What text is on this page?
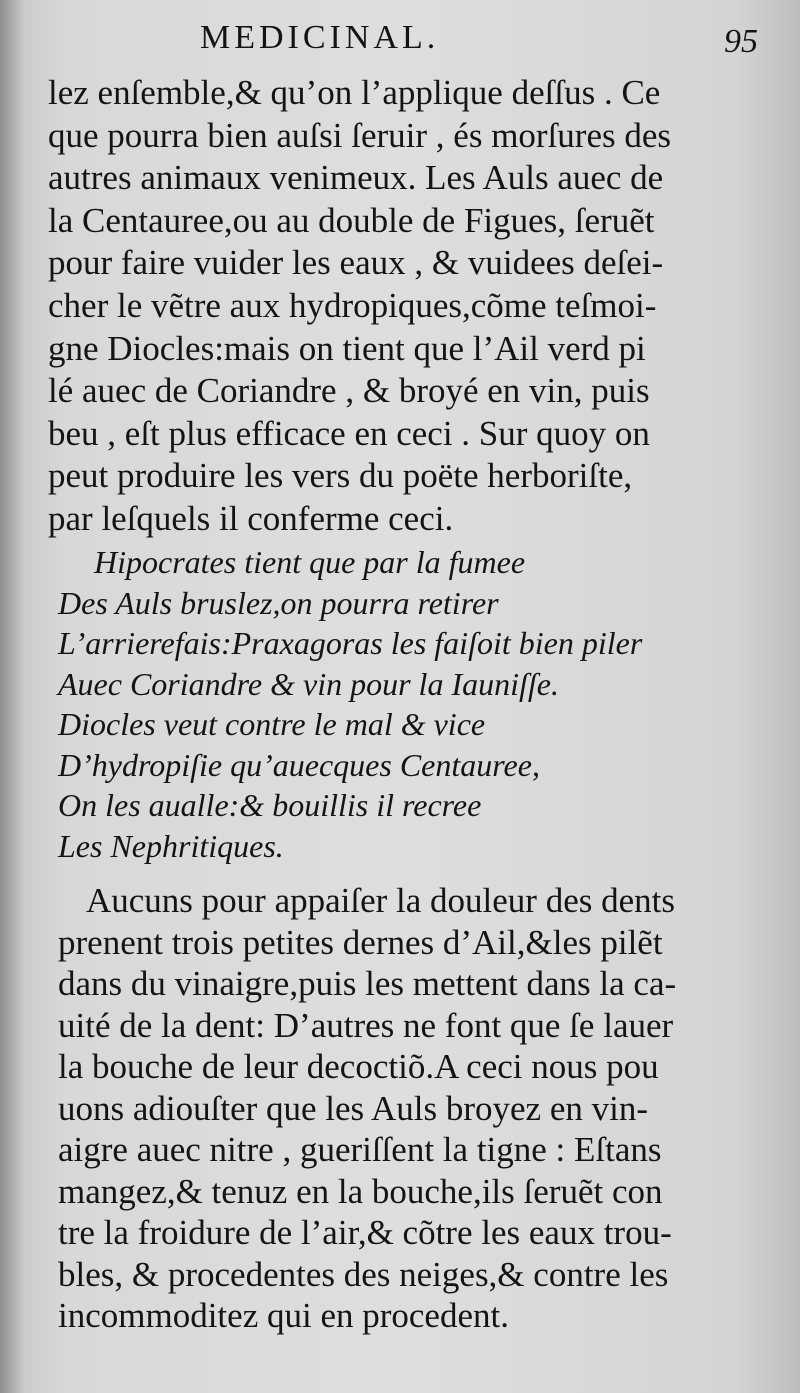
MEDICINAL.	95
lez enſemble,& qu’on l’applique deſſus . Ce
que pourra bien auſsi ſeruir , és morſures des
autres animaux venimeux. Les Auls auec de
la Centauree,ou au double de Figues, ſeruẽt
pour faire vuider les eaux , & vuidees deſei-
cher le vẽtre aux hydropiques,cõme teſmoi-
gne Diocles:mais on tient que l’Ail verd pi
lé auec de Coriandre , & broyé en vin, puis
beu , eſt plus efficace en ceci . Sur quoy on
peut produire les vers du poëte herboriſte,
par leſquels il conferme ceci.
Hipocrates tient que par la fumee
Des Auls bruslez,on pourra retirer
L’arrierefais:Praxagoras les faiſoit bien piler
Auec Coriandre & vin pour la Iauniſſe.
Diocles veut contre le mal & vice
D’hydropiſie qu’auecques Centauree,
On les aualle:& bouillis il recree
Les Nephritiques.
Aucuns pour appaiſer la douleur des dents
prenent trois petites dernes d’Ail,&les pilẽt
dans du vinaigre,puis les mettent dans la ca-
uité de la dent: D’autres ne font que ſe lauer
la bouche de leur decoctiõ.A ceci nous pou
uons adiouſter que les Auls broyez en vin-
aigre auec nitre , gueriſſent la tigne : Eſtans
mangez,& tenuz en la bouche,ils ſeruẽt con
tre la froidure de l’air,& cõtre les eaux trou-
bles, & procedentes des neiges,& contre les
incommoditez qui en procedent.
